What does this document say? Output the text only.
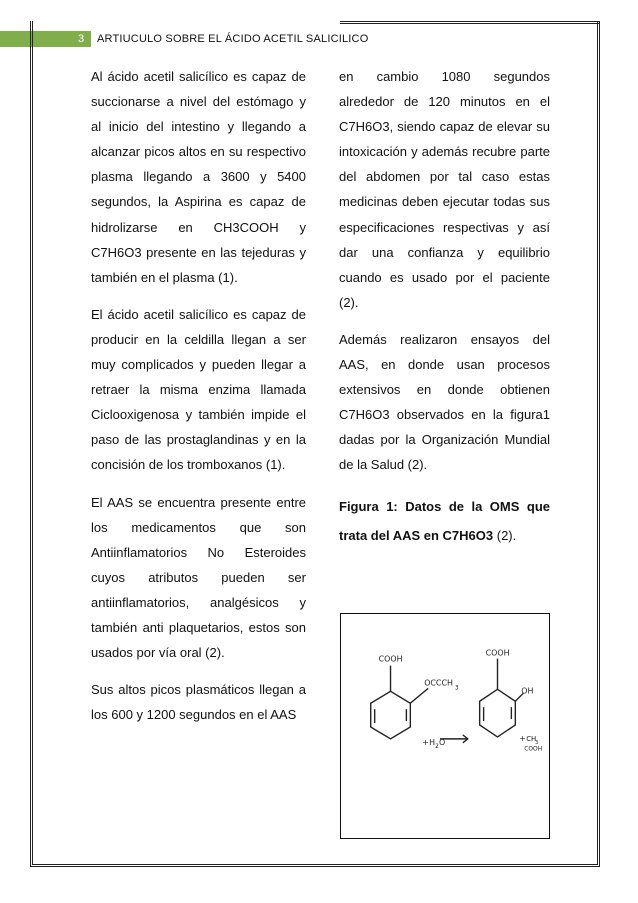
3	ARTIUCULO SOBRE EL ÁCIDO ACETIL SALICILICO

Al ácido acetil salicílico es capaz de succionarse a nivel del estómago y al inicio del intestino y llegando a alcanzar picos altos en su respectivo plasma llegando a 3600 y 5400 segundos, la Aspirina es capaz de hidrolizarse en CH3COOH y C7H6O3 presente en las tejeduras y también en el plasma (1).

El ácido acetil salicílico es capaz de producir en la celdilla llegan a ser muy complicados y pueden llegar a retraer la misma enzima llamada Ciclooxigenosa y también impide el paso de las prostaglandinas y en la concisión de los tromboxanos (1).

El AAS se encuentra presente entre los medicamentos que son Antiinflamatorios No Esteroides cuyos atributos pueden ser antiinflamatorios, analgésicos y también anti plaquetarios, estos son usados por vía oral (2).

Sus altos picos plasmáticos llegan a los 600 y 1200 segundos en el AAS

en cambio 1080 segundos alrededor de 120 minutos en el C7H6O3, siendo capaz de elevar su intoxicación y además recubre parte del abdomen por tal caso estas medicinas deben ejecutar todas sus especificaciones respectivas y así dar una confianza y equilibrio cuando es usado por el paciente (2).

Además realizaron ensayos del AAS, en donde usan procesos extensivos en donde obtienen C7H6O3 observados en la figura1 dadas por la Organización Mundial de la Salud (2).

Figura 1: Datos de la OMS que trata del AAS en C7H6O3 (2).

COOH
OCCCH
3
+ H 2 O
COOH
OH
+ CH
3
COOH
